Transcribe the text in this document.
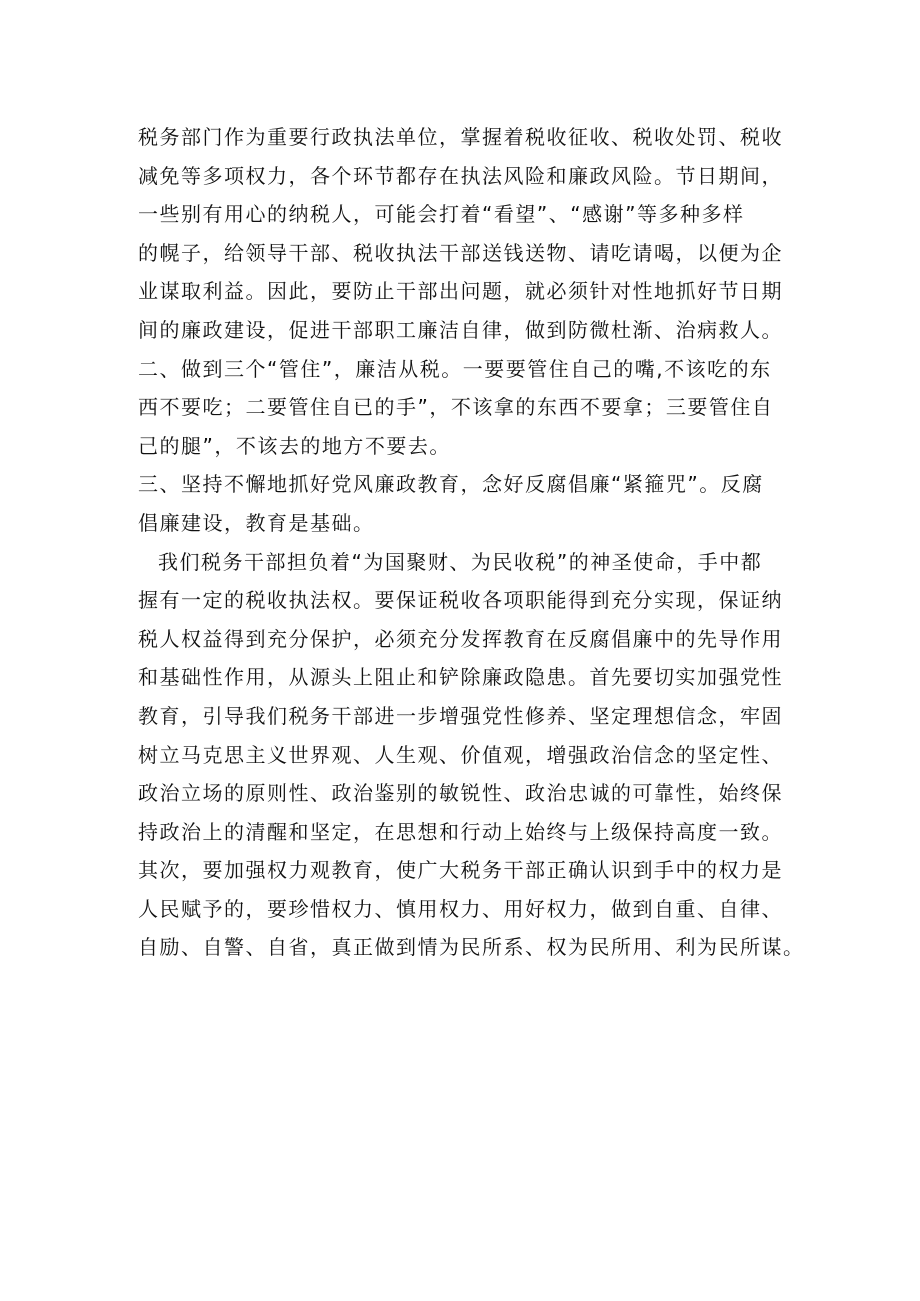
税务部门作为重要行政执法单位，掌握着税收征收、税收处罚、税收
减免等多项权力，各个环节都存在执法风险和廉政风险。节日期间，
一些别有用心的纳税人，可能会打着“看望”、“感谢”等多种多样
的幌子，给领导干部、税收执法干部送钱送物、请吃请喝，以便为企
业谋取利益。因此，要防止干部出问题，就必须针对性地抓好节日期
间的廉政建设，促进干部职工廉洁自律，做到防微杜渐、治病救人。
二、做到三个“管住”，廉洁从税。一要要管住自己的嘴,不该吃的东
西不要吃；二要管住自已的手”，不该拿的东西不要拿；三要管住自
己的腿”，不该去的地方不要去。
三、坚持不懈地抓好党风廉政教育，念好反腐倡廉“紧箍咒”。反腐
倡廉建设，教育是基础。
我们税务干部担负着“为国聚财、为民收税”的神圣使命，手中都
握有一定的税收执法权。要保证税收各项职能得到充分实现，保证纳
税人权益得到充分保护，必须充分发挥教育在反腐倡廉中的先导作用
和基础性作用，从源头上阻止和铲除廉政隐患。首先要切实加强党性
教育，引导我们税务干部进一步增强党性修养、坚定理想信念，牢固
树立马克思主义世界观、人生观、价值观，增强政治信念的坚定性、
政治立场的原则性、政治鉴别的敏锐性、政治忠诚的可靠性，始终保
持政治上的清醒和坚定，在思想和行动上始终与上级保持高度一致。
其次，要加强权力观教育，使广大税务干部正确认识到手中的权力是
人民赋予的，要珍惜权力、慎用权力、用好权力，做到自重、自律、
自励、自警、自省，真正做到情为民所系、权为民所用、利为民所谋。
